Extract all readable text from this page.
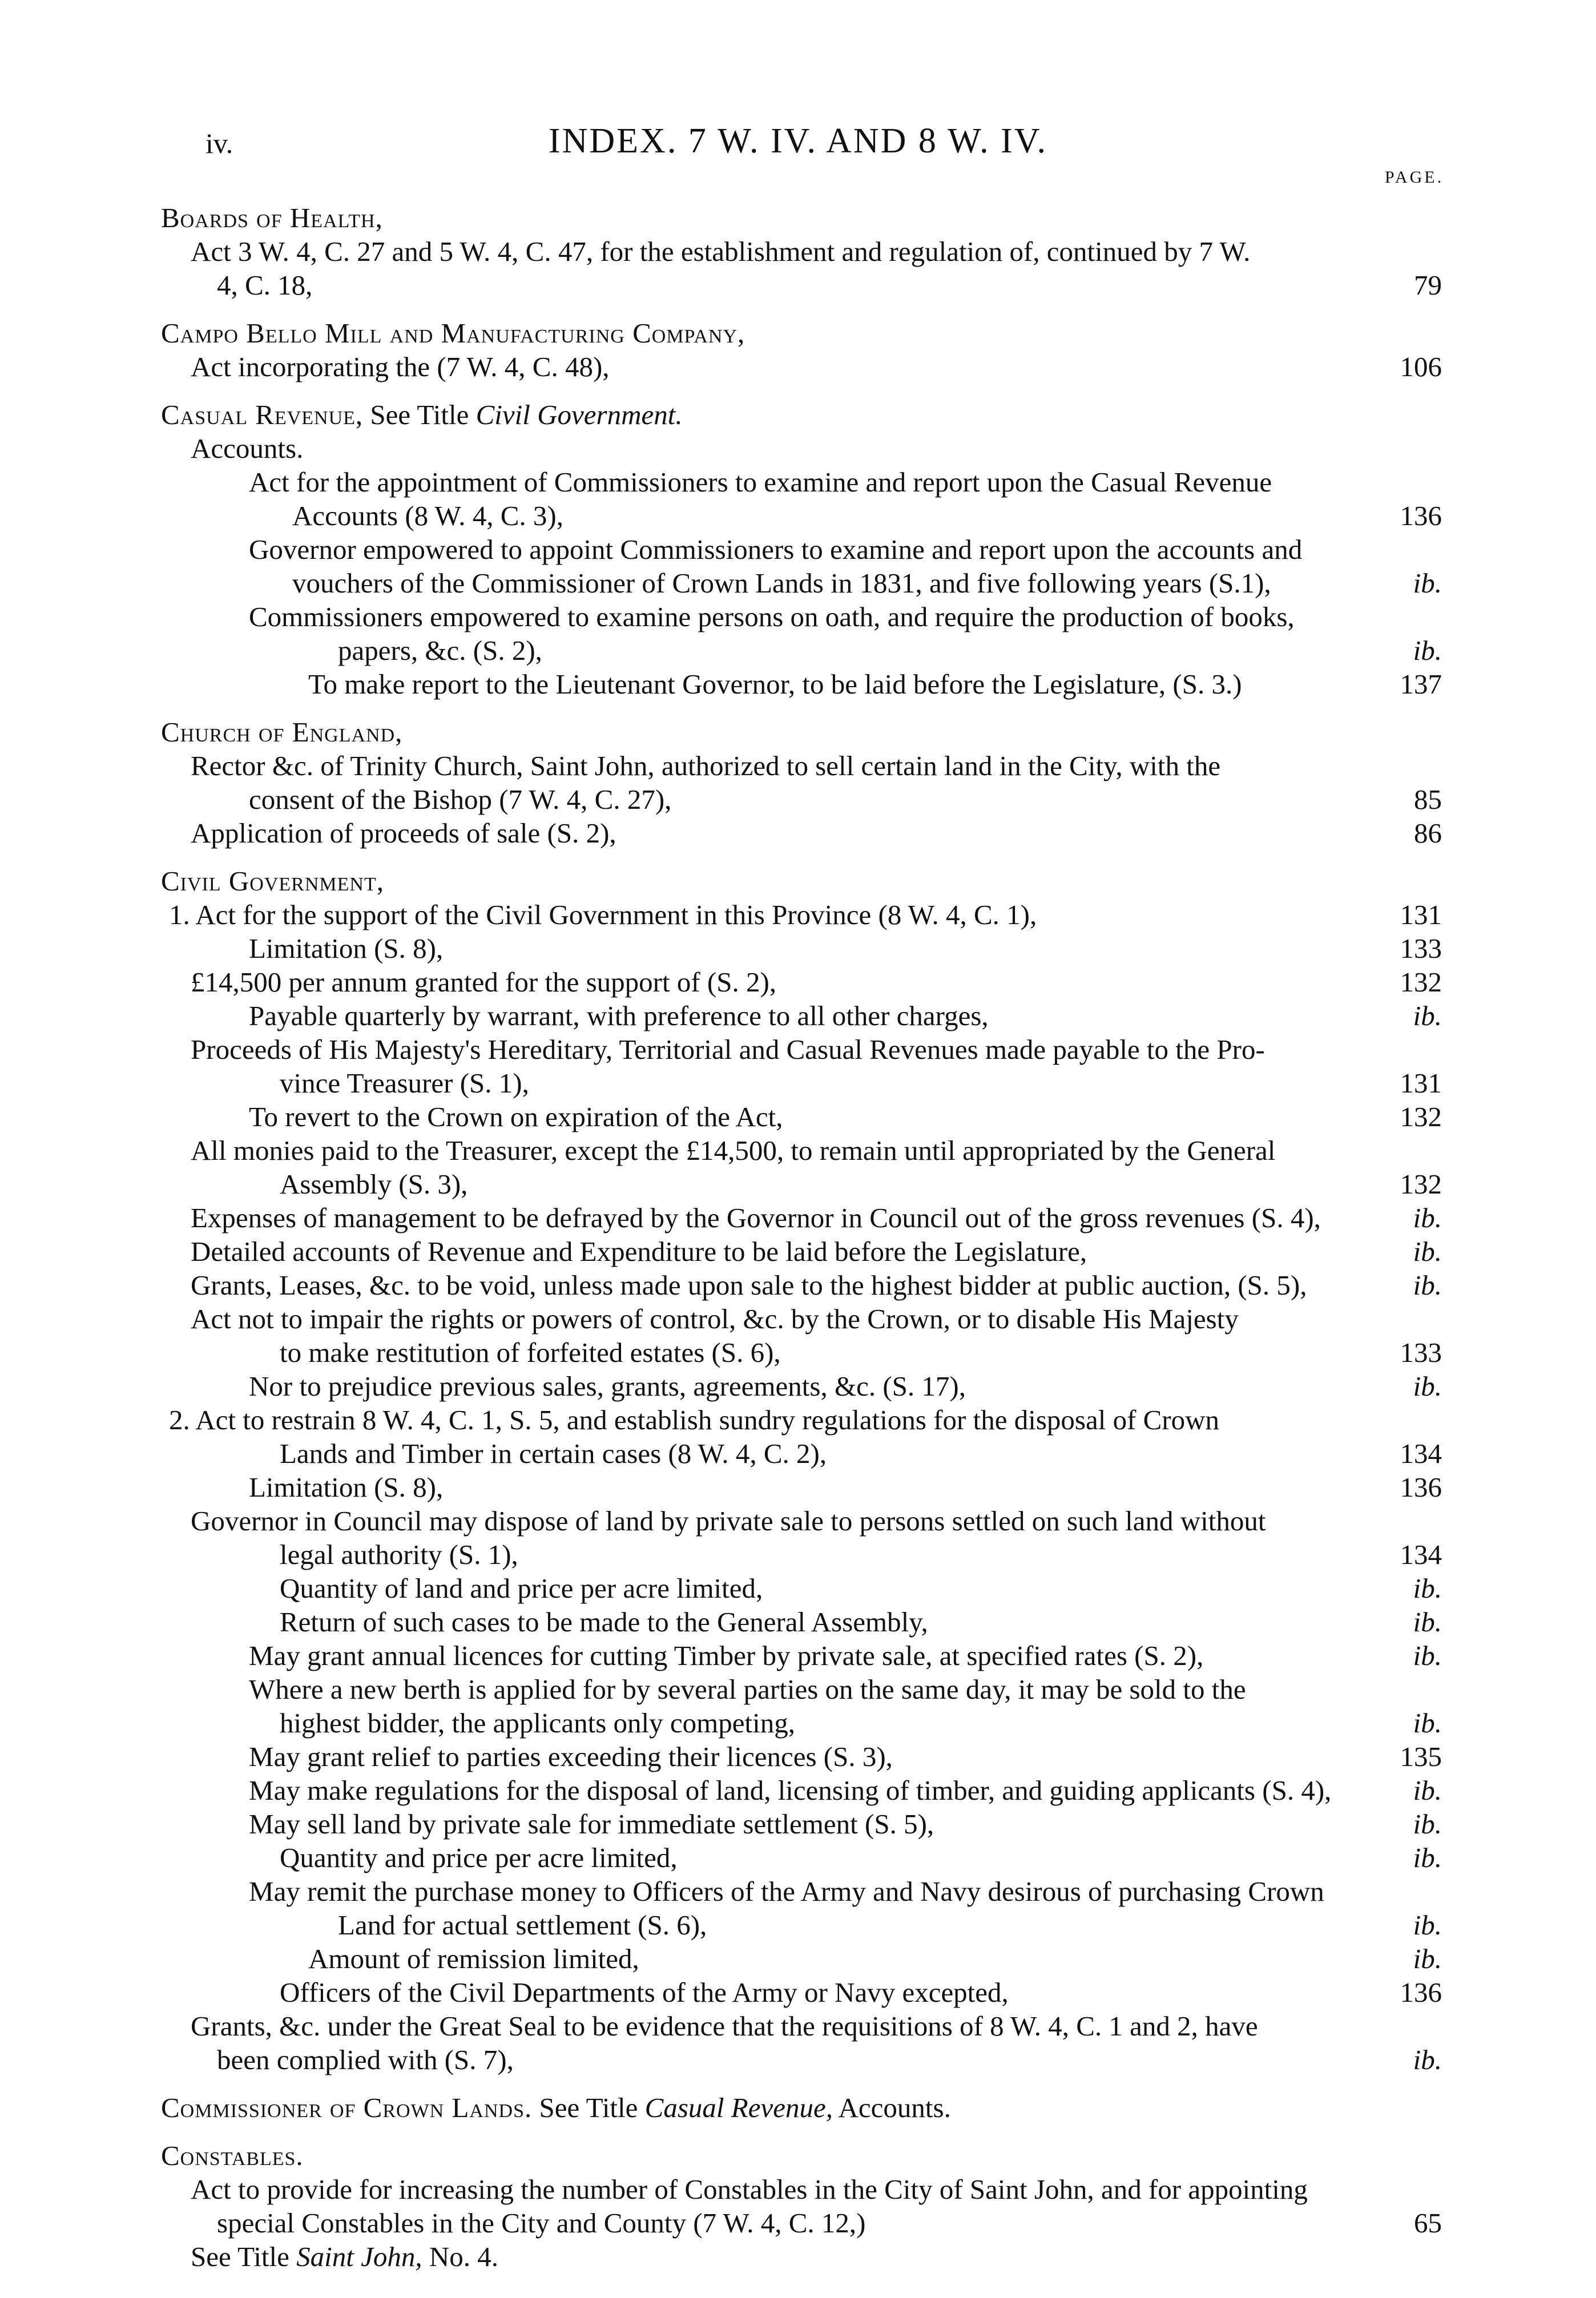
iv.	INDEX. 7 W. IV. AND 8 W. IV.
PAGE.
Boards of Health,
Act 3 W. 4, C. 27 and 5 W. 4, C. 47, for the establishment and regulation of, continued by 7 W.
4, C. 18,	79
Campo Bello Mill and Manufacturing Company,
Act incorporating the (7 W. 4, C. 48),	106
Casual Revenue, See Title Civil Government.
Accounts.
Act for the appointment of Commissioners to examine and report upon the Casual Revenue
Accounts (8 W. 4, C. 3),	136
Governor empowered to appoint Commissioners to examine and report upon the accounts and
vouchers of the Commissioner of Crown Lands in 1831, and five following years (S.1),	ib.
Commissioners empowered to examine persons on oath, and require the production of books,
papers, &c. (S. 2),	ib.
To make report to the Lieutenant Governor, to be laid before the Legislature, (S. 3.)	137
Church of England,
Rector &c. of Trinity Church, Saint John, authorized to sell certain land in the City, with the
consent of the Bishop (7 W. 4, C. 27),	85
Application of proceeds of sale (S. 2),	86
Civil Government,
1. Act for the support of the Civil Government in this Province (8 W. 4, C. 1),	131
Limitation (S. 8),	133
£14,500 per annum granted for the support of (S. 2),	132
Payable quarterly by warrant, with preference to all other charges,	ib.
Proceeds of His Majesty's Hereditary, Territorial and Casual Revenues made payable to the Pro-
vince Treasurer (S. 1),	131
To revert to the Crown on expiration of the Act,	132
All monies paid to the Treasurer, except the £14,500, to remain until appropriated by the General
Assembly (S. 3),	132
Expenses of management to be defrayed by the Governor in Council out of the gross revenues (S. 4),	ib.
Detailed accounts of Revenue and Expenditure to be laid before the Legislature,	ib.
Grants, Leases, &c. to be void, unless made upon sale to the highest bidder at public auction, (S. 5),	ib.
Act not to impair the rights or powers of control, &c. by the Crown, or to disable His Majesty
to make restitution of forfeited estates (S. 6),	133
Nor to prejudice previous sales, grants, agreements, &c. (S. 17),	ib.
2. Act to restrain 8 W. 4, C. 1, S. 5, and establish sundry regulations for the disposal of Crown
Lands and Timber in certain cases (8 W. 4, C. 2),	134
Limitation (S. 8),	136
Governor in Council may dispose of land by private sale to persons settled on such land without
legal authority (S. 1),	134
Quantity of land and price per acre limited,	ib.
Return of such cases to be made to the General Assembly,	ib.
May grant annual licences for cutting Timber by private sale, at specified rates (S. 2),	ib.
Where a new berth is applied for by several parties on the same day, it may be sold to the
highest bidder, the applicants only competing,	ib.
May grant relief to parties exceeding their licences (S. 3),	135
May make regulations for the disposal of land, licensing of timber, and guiding applicants (S. 4),	ib.
May sell land by private sale for immediate settlement (S. 5),	ib.
Quantity and price per acre limited,	ib.
May remit the purchase money to Officers of the Army and Navy desirous of purchasing Crown
Land for actual settlement (S. 6),	ib.
Amount of remission limited,	ib.
Officers of the Civil Departments of the Army or Navy excepted,	136
Grants, &c. under the Great Seal to be evidence that the requisitions of 8 W. 4, C. 1 and 2, have
been complied with (S. 7),	ib.
Commissioner of Crown Lands. See Title Casual Revenue, Accounts.
Constables.
Act to provide for increasing the number of Constables in the City of Saint John, and for appointing
special Constables in the City and County (7 W. 4, C. 12,)	65
See Title Saint John, No. 4.
